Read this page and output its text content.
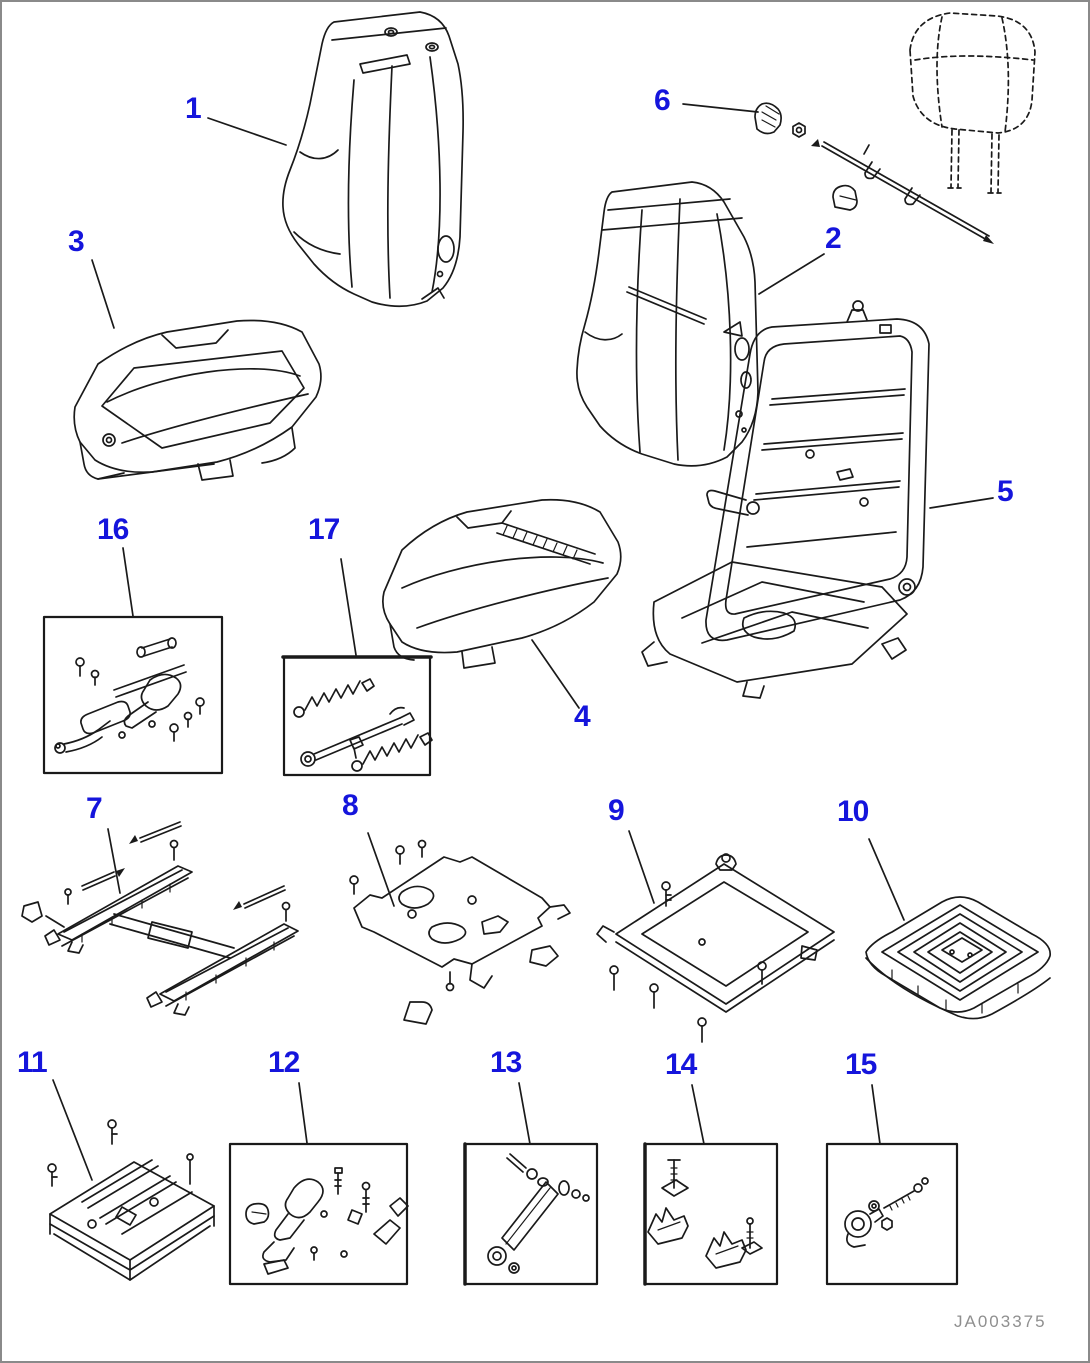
1
2
3
4
5
6
7	8	9	10
11	12	13	14	15
16	17
JA003375
